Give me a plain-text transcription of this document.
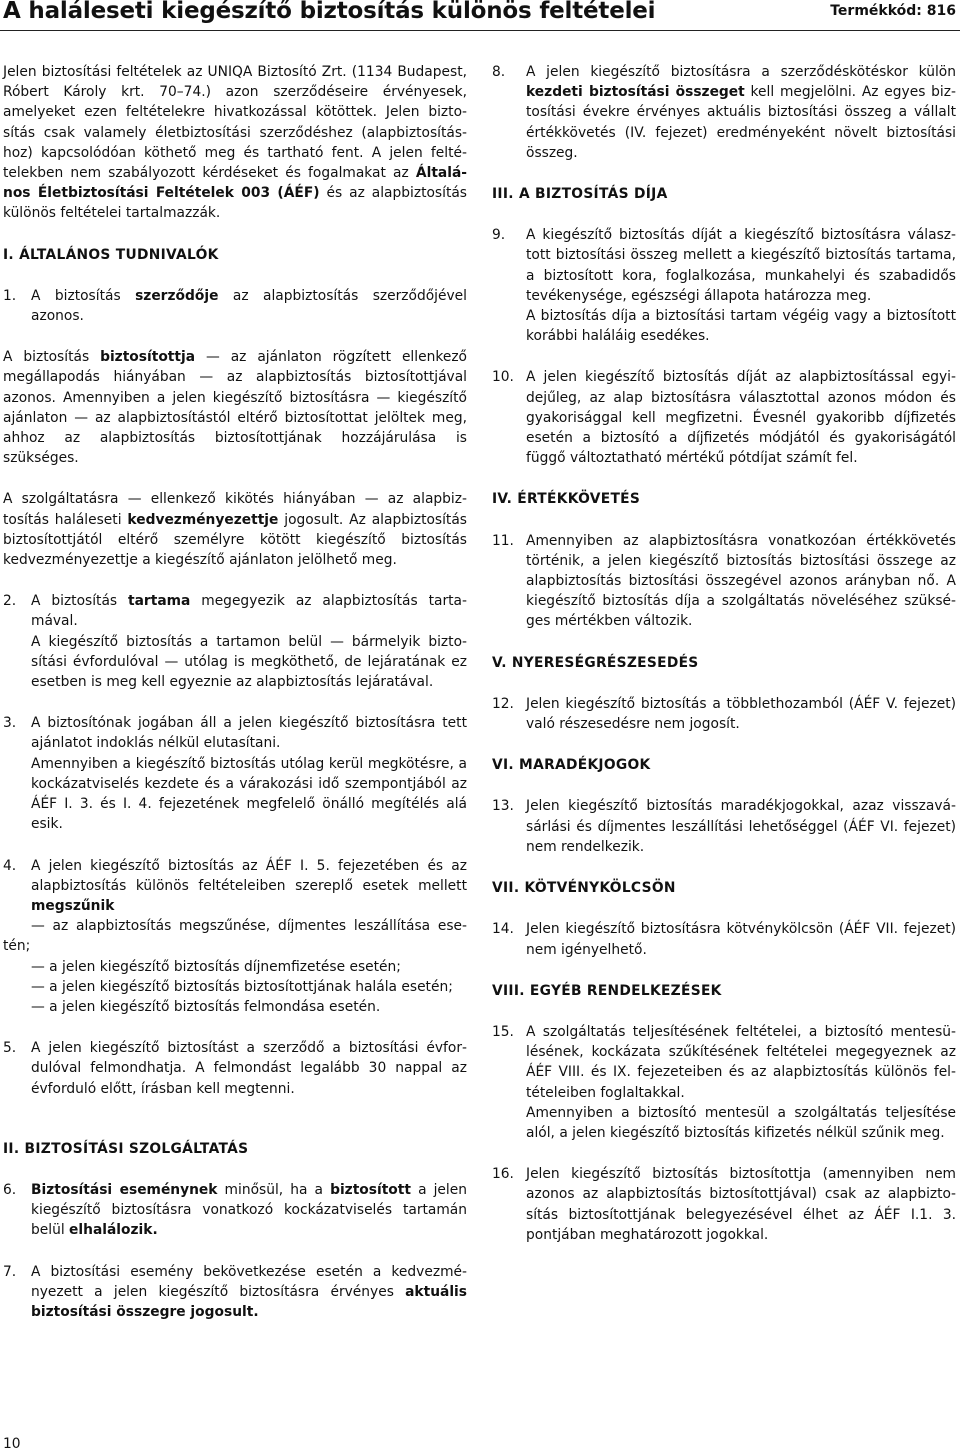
A haláleseti kiegészítő biztosítás különös feltételei	Termékkód: 816

Jelen biztosítási feltételek az UNIQA Biztosító Zrt. (1134 Budapest, Róbert Károly krt. 70–74.) azon szerződéseire érvényesek, amelyeket ezen feltételekre hivatkozással kötöttek. Jelen biztosítás csak valamely életbiztosítási szerződéshez (alapbiztosításhoz) kapcsolódóan köthető meg és tartható fent. A jelen feltételekben nem szabályozott kérdéseket és fogalmakat az Általános Életbiztosítási Feltételek 003 (ÁÉF) és az alapbiztosítás különös feltételei tartalmazzák.

I. ÁLTALÁNOS TUDNIVALÓK
1.	A biztosítás szerződője az alapbiztosítás szerződőjével azonos.

A biztosítás biztosítottja — az ajánlaton rögzített ellenkező megállapodás hiányában — az alapbiztosítás biztosítottjával azonos. Amennyiben a jelen kiegészítő biztosításra — kiegészítő ajánlaton — az alapbiztosítástól eltérő biztosítottat jelöltek meg, ahhoz az alapbiztosítás biztosítottjának hozzájárulása is szükséges.

A szolgáltatásra — ellenkező kikötés hiányában — az alapbiztosítás haláleseti kedvezményezettje jogosult. Az alapbiztosítás biztosítottjától eltérő személyre kötött kiegészítő biztosítás kedvezményezettje a kiegészítő ajánlaton jelölhető meg.

2.	A biztosítás tartama megegyezik az alapbiztosítás tartamával.

A kiegészítő biztosítás a tartamon belül — bármelyik biztosítási évfordulóval — utólag is megköthető, de lejáratának ez esetben is meg kell egyeznie az alapbiztosítás lejáratával.

3.	A biztosítónak jogában áll a jelen kiegészítő biztosításra tett ajánlatot indoklás nélkül elutasítani.

Amennyiben a kiegészítő biztosítás utólag kerül megkötésre, a kockázatviselés kezdete és a várakozási idő szempontjából az ÁÉF I. 3. és I. 4. fejezetének megfelelő önálló megítélés alá esik.

4.	A jelen kiegészítő biztosítás az ÁÉF I. 5. fejezetében és az alapbiztosítás különös feltételeiben szereplő esetek mellett megszűnik

— az alapbiztosítás megszűnése, díjmentes leszállítása esetén;

— a jelen kiegészítő biztosítás díjnemfizetése esetén;

— a jelen kiegészítő biztosítás biztosítottjának halála esetén;

— a jelen kiegészítő biztosítás felmondása esetén.

5.	A jelen kiegészítő biztosítást a szerződő a biztosítási évfordulóval felmondhatja. A felmondást legalább 30 nappal az évforduló előtt, írásban kell megtenni.

II. BIZTOSÍTÁSI SZOLGÁLTATÁS
6.	Biztosítási eseménynek minősül, ha a biztosított a jelen kiegészítő biztosításra vonatkozó kockázatviselés tartamán belül elhalálozik.

7.	A biztosítási esemény bekövetkezése esetén a kedvezményezett a jelen kiegészítő biztosításra érvényes aktuális biztosítási összegre jogosult.

8.	A jelen kiegészítő biztosításra a szerződéskötéskor külön kezdeti biztosítási összeget kell megjelölni. Az egyes biztosítási évekre érvényes aktuális biztosítási összeg a vállalt értékkövetés (IV. fejezet) eredményeként növelt biztosítási összeg.

III. A BIZTOSÍTÁS DÍJA
9.	A kiegészítő biztosítás díját a kiegészítő biztosításra választott biztosítási összeg mellett a kiegészítő biztosítás tartama, a biztosított kora, foglalkozása, munkahelyi és szabadidős tevékenysége, egészségi állapota határozza meg.

A biztosítás díja a biztosítási tartam végéig vagy a biztosított korábbi haláláig esedékes.

10. A jelen kiegészítő biztosítás díját az alapbiztosítással egyidejűleg, az alap biztosításra választottal azonos módon és gyakorisággal kell megfizetni. Évesnél gyakoribb díjfizetés esetén a biztosító a díjfizetés módjától és gyakoriságától függő változtatható mértékű pótdíjat számít fel.

IV. ÉRTÉKKÖVETÉS
11. Amennyiben az alapbiztosításra vonatkozóan értékkövetés történik, a jelen kiegészítő biztosítás biztosítási összege az alapbiztosítás biztosítási összegével azonos arányban nő. A kiegészítő biztosítás díja a szolgáltatás növeléséhez szükséges mértékben változik.

V. NYERESÉGRÉSZESEDÉS
12. Jelen kiegészítő biztosítás a többlethozamból (ÁÉF V. fejezet) való részesedésre nem jogosít.

VI. MARADÉKJOGOK
13. Jelen kiegészítő biztosítás maradékjogokkal, azaz visszavásárlási és díjmentes leszállítási lehetőséggel (ÁÉF VI. fejezet) nem rendelkezik.

VII. KÖTVÉNYKÖLCSÖN
14. Jelen kiegészítő biztosításra kötvénykölcsön (ÁÉF VII. fejezet) nem igényelhető.

VIII. EGYÉB RENDELKEZÉSEK
15. A szolgáltatás teljesítésének feltételei, a biztosító mentesülésének, kockázata szűkítésének feltételei megegyeznek az ÁÉF VIII. és IX. fejezeteiben és az alapbiztosítás különös feltételeiben foglaltakkal.

Amennyiben a biztosító mentesül a szolgáltatás teljesítése alól, a jelen kiegészítő biztosítás kifizetés nélkül szűnik meg.

16. Jelen kiegészítő biztosítás biztosítottja (amennyiben nem azonos az alapbiztosítás biztosítottjával) csak az alapbiztosítás biztosítottjának belegyezésével élhet az ÁÉF I.1. 3. pontjában meghatározott jogokkal.

10
